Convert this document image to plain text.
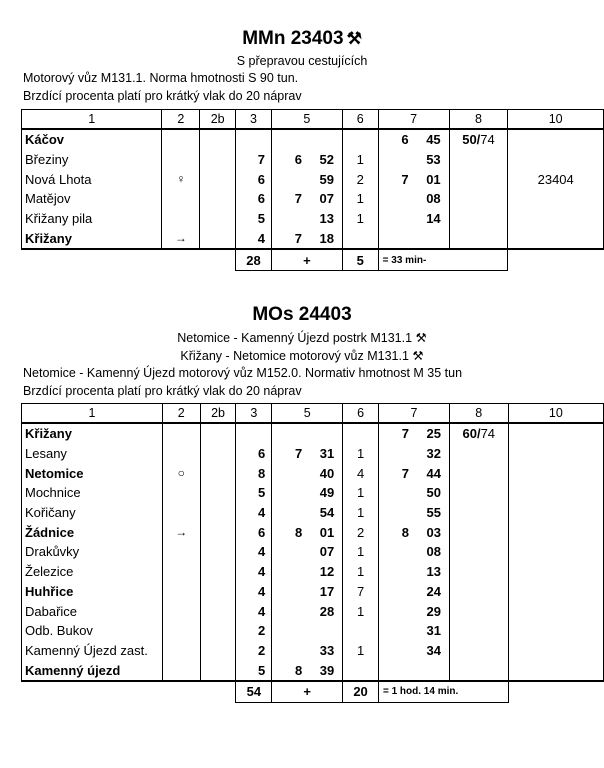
MMn 23403 ⚒
S přepravou cestujících
Motorový vůz M131.1. Norma hmotnosti S 90 tun.
Brzdící procenta platí pro krátký vlak do 20 náprav
1	2	2b	3	5	6	7	8	10
Káčov						6 45	50/74	
Březiny			7	6 52	1	53		
Nová Lhota	♀		6	59	2	7 01		23404
Matějov			6	7 07	1	08		
Křižany pila			5	13	1	14		
Křižany	→		4	7 18				
			28	+	5	= 33 min-		
MOs 24403
Netomice - Kamenný Újezd postrk M131.1 ⚒
Křižany - Netomice motorový vůz M131.1 ⚒
Netomice - Kamenný Újezd motorový vůz M152.0. Normativ hmotnost M 35 tun
Brzdící procenta platí pro krátký vlak do 20 náprav
1	2	2b	3	5	6	7	8	10
Křižany						7 25	60/74	
Lesany			6	7 31	1	32		
Netomice	○		8	40	4	7 44		
Mochnice			5	49	1	50		
Kořičany			4	54	1	55		
Žádnice	→		6	8 01	2	8 03		
Drakůvky			4	07	1	08		
Železice			4	12	1	13		
Huhřice			4	17	7	24		
Dabařice			4	28	1	29		
Odb. Bukov			2			31		
Kamenný Újezd zast.			2	33	1	34		
Kamenný újezd			5	8 39				
			54	+	20	= 1 hod. 14 min.		
